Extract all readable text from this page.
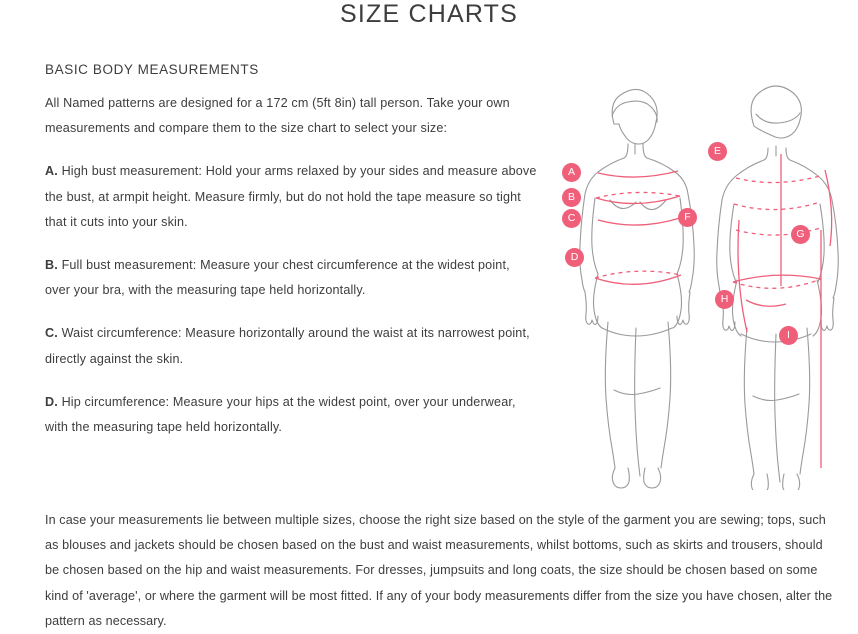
SIZE CHARTS
BASIC BODY MEASUREMENTS

All Named patterns are designed for a 172 cm (5ft 8in) tall person. Take your own measurements and compare them to the size chart to select your size:

A. High bust measurement: Hold your arms relaxed by your sides and measure above the bust, at armpit height. Measure firmly, but do not hold the tape measure so tight that it cuts into your skin.

B. Full bust measurement: Measure your chest circumference at the widest point, over your bra, with the measuring tape held horizontally.

C. Waist circumference: Measure horizontally around the waist at its narrowest point, directly against the skin.

D. Hip circumference: Measure your hips at the widest point, over your underwear, with the measuring tape held horizontally.

A
B
C
D
E
F
G
H
I
In case your measurements lie between multiple sizes, choose the right size based on the style of the garment you are sewing; tops, such as blouses and jackets should be chosen based on the bust and waist measurements, whilst bottoms, such as skirts and trousers, should be chosen based on the hip and waist measurements. For dresses, jumpsuits and long coats, the size should be chosen based on some kind of 'average', or where the garment will be most fitted. If any of your body measurements differ from the size you have chosen, alter the pattern as necessary.
